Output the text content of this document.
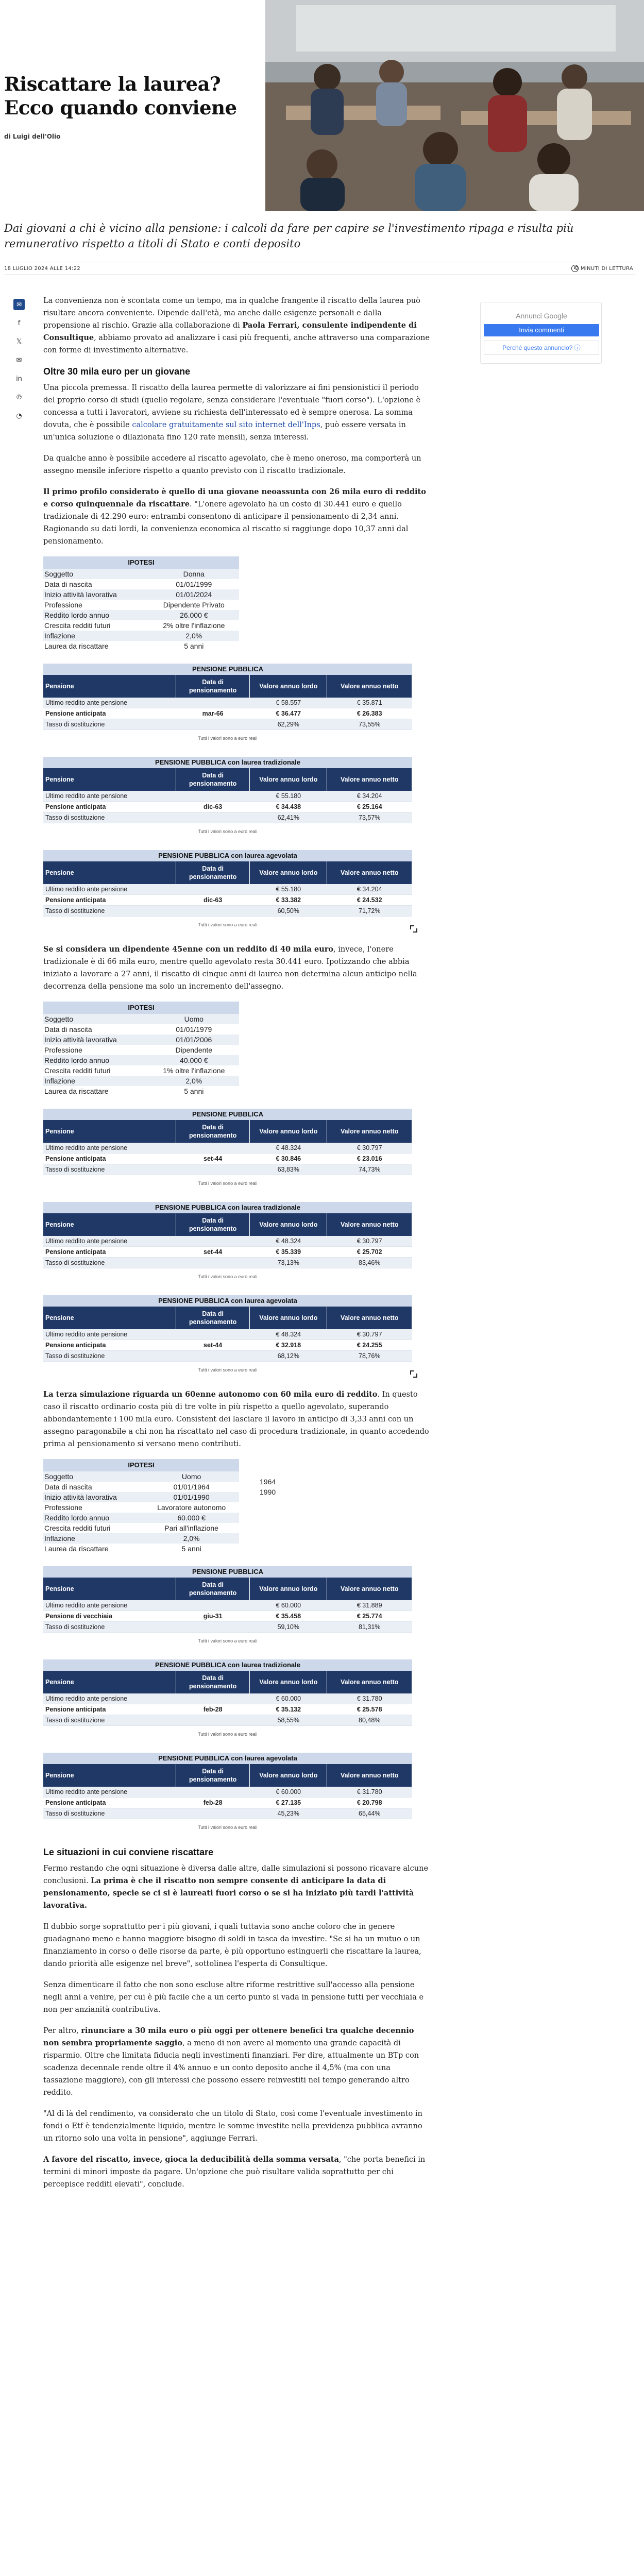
Riscattare la laurea? Ecco quando conviene
di Luigi dell'Olio
Dai giovani a chi è vicino alla pensione: i calcoli da fare per capire se l'investimento ripaga e risulta più remunerativo rispetto a titoli di Stato e conti deposito
18 LUGLIO 2024 ALLE 14:22	2 MINUTI DI LETTURA
✉
f
𝕏
✉
in
℗
◔
Annunci Google
Invia commenti
Perché questo annuncio? ⓘ

La convenienza non è scontata come un tempo, ma in qualche frangente il riscatto della laurea può risultare ancora conveniente. Dipende dall'età, ma anche dalle esigenze personali e dalla propensione al rischio. Grazie alla collaborazione di Paola Ferrari, consulente indipendente di Consultique, abbiamo provato ad analizzare i casi più frequenti, anche attraverso una comparazione con forme di investimento alternative.

Oltre 30 mila euro per un giovane

Una piccola premessa. Il riscatto della laurea permette di valorizzare ai fini pensionistici il periodo del proprio corso di studi (quello regolare, senza considerare l'eventuale "fuori corso"). L'opzione è concessa a tutti i lavoratori, avviene su richiesta dell'interessato ed è sempre onerosa. La somma dovuta, che è possibile calcolare gratuitamente sul sito internet dell'Inps, può essere versata in un'unica soluzione o dilazionata fino 120 rate mensili, senza interessi.

Da qualche anno è possibile accedere al riscatto agevolato, che è meno oneroso, ma comporterà un assegno mensile inferiore rispetto a quanto previsto con il riscatto tradizionale.

Il primo profilo considerato è quello di una giovane neoassunta con 26 mila euro di reddito e corso quinquennale da riscattare. "L'onere agevolato ha un costo di 30.441 euro e quello tradizionale di 42.290 euro: entrambi consentono di anticipare il pensionamento di 2,34 anni. Ragionando su dati lordi, la convenienza economica al riscatto si raggiunge dopo 10,37 anni dal pensionamento.

IPOTESI	
Soggetto	Donna
Data di nascita	01/01/1999
Inizio attività lavorativa	01/01/2024
Professione	Dipendente Privato
Reddito lordo annuo	26.000 €
Crescita redditi futuri	2% oltre l'inflazione
Inflazione	2,0%
Laurea da riscattare	5 anni
PENSIONE PUBBLICA
Pensione	Data di pensionamento	Valore annuo lordo	Valore annuo netto
Ultimo reddito ante pensione		€ 58.557	€ 35.871
Pensione anticipata	mar-66	€ 36.477	€ 26.383
Tasso di sostituzione		62,29%	73,55%
Tutti i valori sono a euro reali
PENSIONE PUBBLICA con laurea tradizionale
Pensione	Data di pensionamento	Valore annuo lordo	Valore annuo netto
Ultimo reddito ante pensione		€ 55.180	€ 34.204
Pensione anticipata	dic-63	€ 34.438	€ 25.164
Tasso di sostituzione		62,41%	73,57%
Tutti i valori sono a euro reali
PENSIONE PUBBLICA con laurea agevolata
Pensione	Data di pensionamento	Valore annuo lordo	Valore annuo netto
Ultimo reddito ante pensione		€ 55.180	€ 34.204
Pensione anticipata	dic-63	€ 33.382	€ 24.532
Tasso di sostituzione		60,50%	71,72%
Tutti i valori sono a euro reali

Se si considera un dipendente 45enne con un reddito di 40 mila euro, invece, l'onere tradizionale è di 66 mila euro, mentre quello agevolato resta 30.441 euro. Ipotizzando che abbia iniziato a lavorare a 27 anni, il riscatto di cinque anni di laurea non determina alcun anticipo nella decorrenza della pensione ma solo un incremento dell'assegno.

IPOTESI	
Soggetto	Uomo
Data di nascita	01/01/1979
Inizio attività lavorativa	01/01/2006
Professione	Dipendente
Reddito lordo annuo	40.000 €
Crescita redditi futuri	1% oltre l'inflazione
Inflazione	2,0%
Laurea da riscattare	5 anni
PENSIONE PUBBLICA
Pensione	Data di pensionamento	Valore annuo lordo	Valore annuo netto
Ultimo reddito ante pensione		€ 48.324	€ 30.797
Pensione anticipata	set-44	€ 30.846	€ 23.016
Tasso di sostituzione		63,83%	74,73%
Tutti i valori sono a euro reali
PENSIONE PUBBLICA con laurea tradizionale
Pensione	Data di pensionamento	Valore annuo lordo	Valore annuo netto
Ultimo reddito ante pensione		€ 48.324	€ 30.797
Pensione anticipata	set-44	€ 35.339	€ 25.702
Tasso di sostituzione		73,13%	83,46%
Tutti i valori sono a euro reali
PENSIONE PUBBLICA con laurea agevolata
Pensione	Data di pensionamento	Valore annuo lordo	Valore annuo netto
Ultimo reddito ante pensione		€ 48.324	€ 30.797
Pensione anticipata	set-44	€ 32.918	€ 24.255
Tasso di sostituzione		68,12%	78,76%
Tutti i valori sono a euro reali

La terza simulazione riguarda un 60enne autonomo con 60 mila euro di reddito. In questo caso il riscatto ordinario costa più di tre volte in più rispetto a quello agevolato, superando abbondantemente i 100 mila euro. Consistent dei lasciare il lavoro in anticipo di 3,33 anni con un assegno paragonabile a chi non ha riscattato nel caso di procedura tradizionale, in quanto accedendo prima al pensionamento si versano meno contributi.

IPOTESI	
Soggetto	Uomo
Data di nascita	01/01/1964
Inizio attività lavorativa	01/01/1990
Professione	Lavoratore autonomo
Reddito lordo annuo	60.000 €
Crescita redditi futuri	Pari all'inflazione
Inflazione	2,0%
Laurea da riscattare	5 anni
1964
1990
PENSIONE PUBBLICA
Pensione	Data di pensionamento	Valore annuo lordo	Valore annuo netto
Ultimo reddito ante pensione		€ 60.000	€ 31.889
Pensione di vecchiaia	giu-31	€ 35.458	€ 25.774
Tasso di sostituzione		59,10%	81,31%
Tutti i valori sono a euro reali
PENSIONE PUBBLICA con laurea tradizionale
Pensione	Data di pensionamento	Valore annuo lordo	Valore annuo netto
Ultimo reddito ante pensione		€ 60.000	€ 31.780
Pensione anticipata	feb-28	€ 35.132	€ 25.578
Tasso di sostituzione		58,55%	80,48%
Tutti i valori sono a euro reali
PENSIONE PUBBLICA con laurea agevolata
Pensione	Data di pensionamento	Valore annuo lordo	Valore annuo netto
Ultimo reddito ante pensione		€ 60.000	€ 31.780
Pensione anticipata	feb-28	€ 27.135	€ 20.798
Tasso di sostituzione		45,23%	65,44%
Tutti i valori sono a euro reali
Le situazioni in cui conviene riscattare

Fermo restando che ogni situazione è diversa dalle altre, dalle simulazioni si possono ricavare alcune conclusioni. La prima è che il riscatto non sempre consente di anticipare la data di pensionamento, specie se ci si è laureati fuori corso o se si ha iniziato più tardi l'attività lavorativa.

Il dubbio sorge soprattutto per i più giovani, i quali tuttavia sono anche coloro che in genere guadagnano meno e hanno maggiore bisogno di soldi in tasca da investire. "Se si ha un mutuo o un finanziamento in corso o delle risorse da parte, è più opportuno estinguerli che riscattare la laurea, dando priorità alle esigenze nel breve", sottolinea l'esperta di Consultique.

Senza dimenticare il fatto che non sono escluse altre riforme restrittive sull'accesso alla pensione negli anni a venire, per cui è più facile che a un certo punto si vada in pensione tutti per vecchiaia e non per anzianità contributiva.

Per altro, rinunciare a 30 mila euro o più oggi per ottenere benefici tra qualche decennio non sembra propriamente saggio, a meno di non avere al momento una grande capacità di risparmio. Oltre che limitata fiducia negli investimenti finanziari. Fer dire, attualmente un BTp con scadenza decennale rende oltre il 4% annuo e un conto deposito anche il 4,5% (ma con una tassazione maggiore), con gli interessi che possono essere reinvestiti nel tempo generando altro reddito.

"Al di là del rendimento, va considerato che un titolo di Stato, così come l'eventuale investimento in fondi o Etf è tendenzialmente liquido, mentre le somme investite nella previdenza pubblica avranno un ritorno solo una volta in pensione", aggiunge Ferrari.

A favore del riscatto, invece, gioca la deducibilità della somma versata, "che porta benefici in termini di minori imposte da pagare. Un'opzione che può risultare valida soprattutto per chi percepisce redditi elevati", conclude.
